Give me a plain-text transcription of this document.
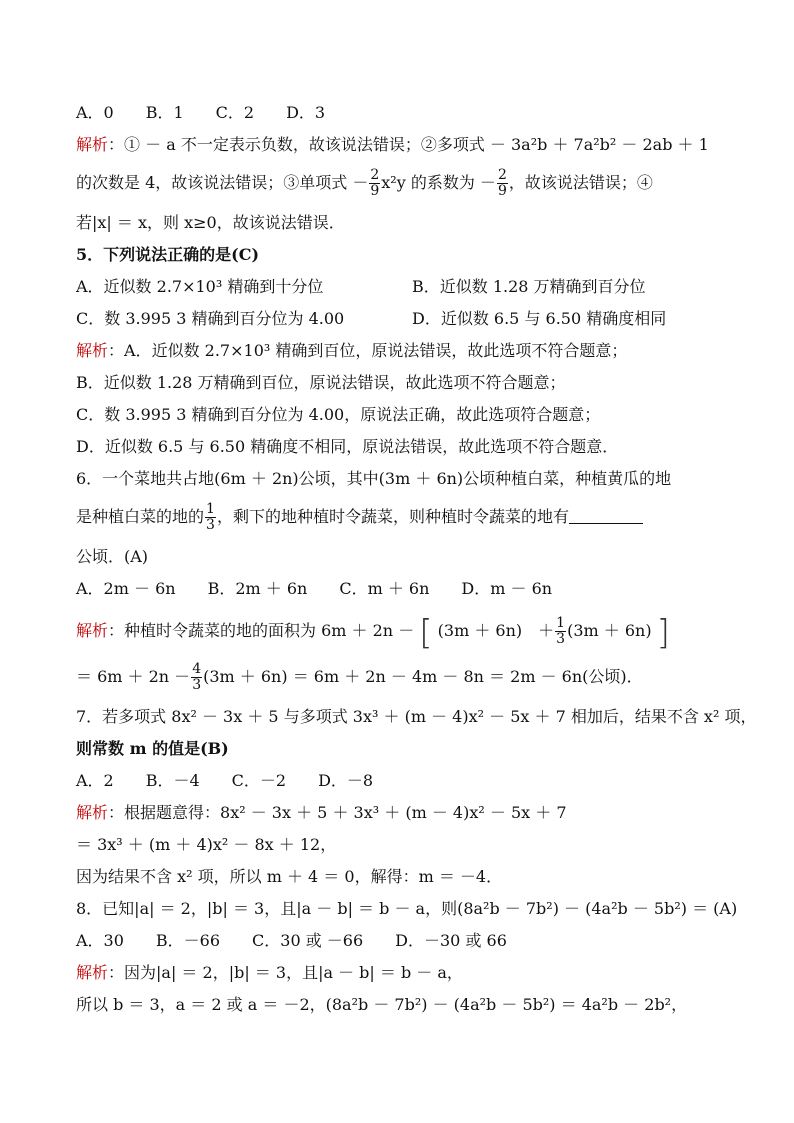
A．0　　B．1　　C．2　　D．3
解析：① － a 不一定表示负数，故该说法错误；②多项式 － 3a²b ＋ 7a²b² － 2ab ＋ 1
的次数是 4，故该说法错误；③单项式 － $\frac{2}{9} x^2y$ 的系数为 － $\frac{2}{9}$ ，故该说法错误；④
若|x| ＝ x，则 x≥0，故该说法错误．
5．下列说法正确的是(C)
A．近似数 2.7×10³ 精确到十分位	B．近似数 1.28 万精确到百分位
C．数 3.995 3 精确到百分位为 4.00	D．近似数 6.5 与 6.50 精确度相同
解析：A．近似数 2.7×10³ 精确到百位，原说法错误，故此选项不符合题意；
B．近似数 1.28 万精确到百位，原说法错误，故此选项不符合题意；
C．数 3.995 3 精确到百分位为 4.00，原说法正确，故此选项符合题意；
D．近似数 6.5 与 6.50 精确度不相同，原说法错误，故此选项不符合题意．
6．一个菜地共占地(6m ＋ 2n)公顷，其中(3m ＋ 6n)公顷种植白菜，种植黄瓜的地
是种植白菜的地的 $\frac{1}{3}$ ，剩下的地种植时令蔬菜，则种植时令蔬菜的地有
公顷．(A)
A．2m － 6n　　B．2m ＋ 6n　　C．m ＋ 6n　　D．m － 6n
解析：种植时令蔬菜的地的面积为 6m ＋ 2n － [ (3m ＋ 6n)　＋ $\frac{1}{3} (3m + 6n)$ ]
＝ $6m + 2n - \frac{4}{3} (3m + 6n) = 6m + 2n - 4m - 8n = 2m - 6n$(公顷)．
7．若多项式 8x² － 3x ＋ 5 与多项式 3x³ ＋ (m － 4)x² － 5x ＋ 7 相加后，结果不含 x² 项，
则常数 m 的值是(B)
A．2　　B．－4　　C．－2　　D．－8
解析：根据题意得：8x² － 3x ＋ 5 ＋ 3x³ ＋ (m － 4)x² － 5x ＋ 7
＝ 3x³ ＋ (m ＋ 4)x² － 8x ＋ 12，
因为结果不含 x² 项，所以 m ＋ 4 ＝ 0，解得：m ＝ －4．
8．已知|a| ＝ 2，|b| ＝ 3，且|a － b| ＝ b － a，则(8a²b － 7b²) － (4a²b － 5b²) ＝ (A)
A．30　　B．－66　　C．30 或 －66　　D．－30 或 66
解析：因为|a| ＝ 2，|b| ＝ 3，且|a － b| ＝ b － a，
所以 b ＝ 3，a ＝ 2 或 a ＝ －2，(8a²b － 7b²) － (4a²b － 5b²) ＝ 4a²b － 2b²，
